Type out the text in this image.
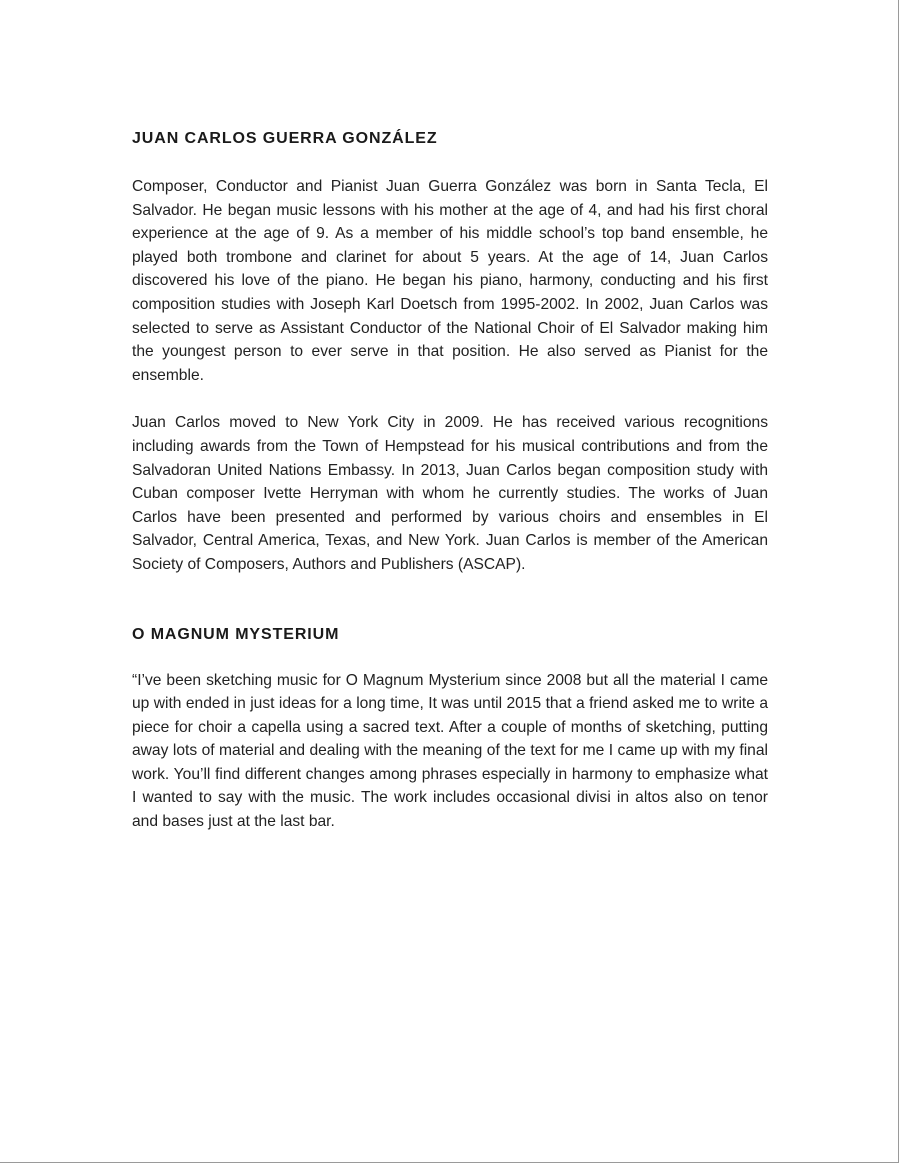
JUAN CARLOS GUERRA GONZÁLEZ

Composer, Conductor and Pianist Juan Guerra González was born in Santa Tecla, El Salvador. He began music lessons with his mother at the age of 4, and had his first choral experience at the age of 9. As a member of his middle school’s top band ensemble, he played both trombone and clarinet for about 5 years. At the age of 14, Juan Carlos discovered his love of the piano. He began his piano, harmony, conducting and his first composition studies with Joseph Karl Doetsch from 1995-2002. In 2002, Juan Carlos was selected to serve as Assistant Conductor of the National Choir of El Salvador making him the youngest person to ever serve in that position. He also served as Pianist for the ensemble.

Juan Carlos moved to New York City in 2009. He has received various recognitions including awards from the Town of Hempstead for his musical contributions and from the Salvadoran United Nations Embassy. In 2013, Juan Carlos began composition study with Cuban composer Ivette Herryman with whom he currently studies. The works of Juan Carlos have been presented and performed by various choirs and ensembles in El Salvador, Central America, Texas, and New York. Juan Carlos is member of the American Society of Composers, Authors and Publishers (ASCAP).

O MAGNUM MYSTERIUM

“I’ve been sketching music for O Magnum Mysterium since 2008 but all the material I came up with ended in just ideas for a long time, It was until 2015 that a friend asked me to write a piece for choir a capella using a sacred text. After a couple of months of sketching, putting away lots of material and dealing with the meaning of the text for me I came up with my final work. You’ll find different changes among phrases especially in harmony to emphasize what I wanted to say with the music. The work includes occasional divisi in altos also on tenor and bases just at the last bar.
